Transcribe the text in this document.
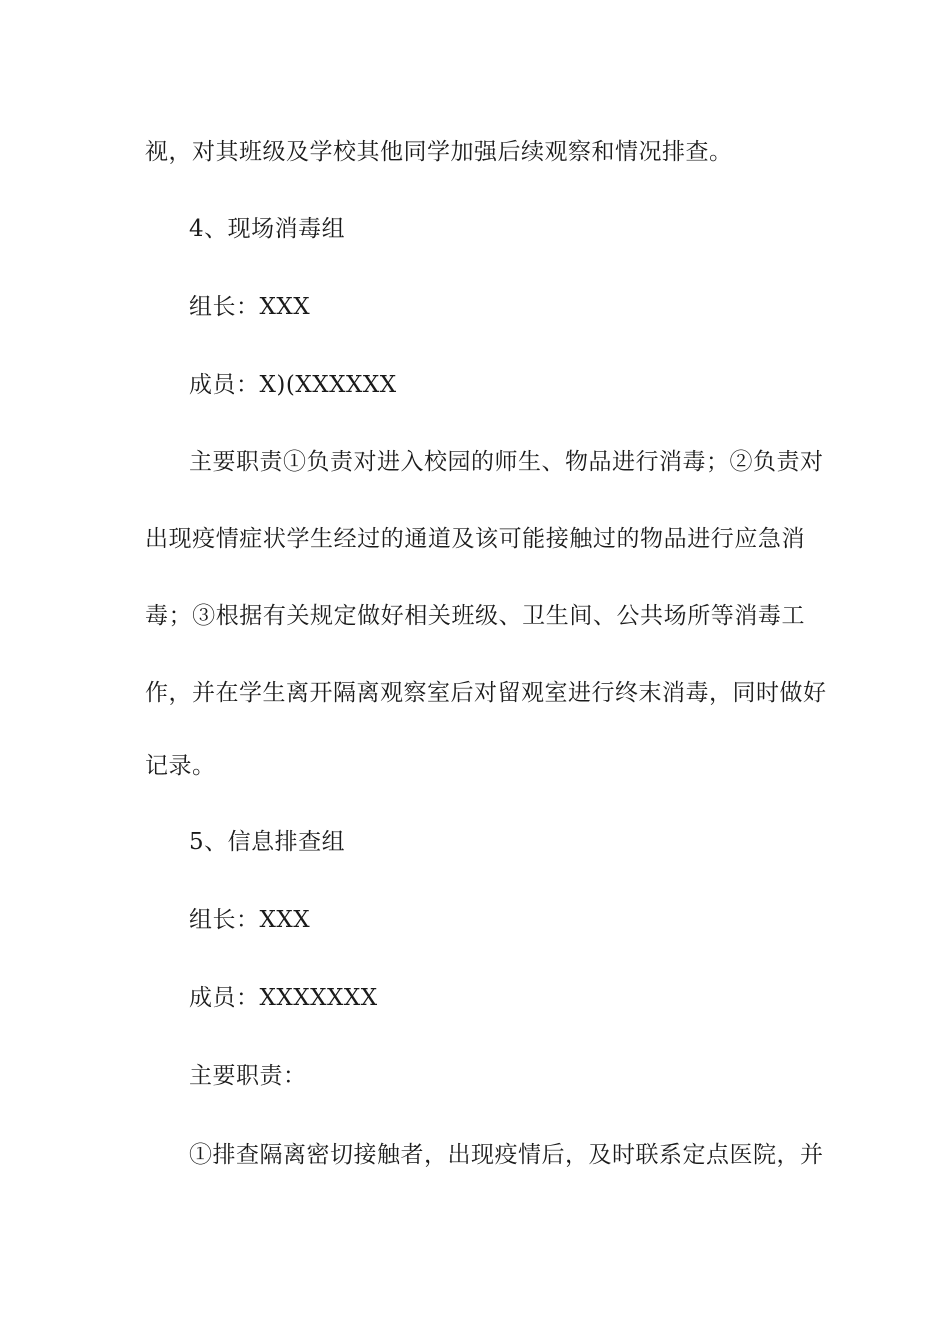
视，对其班级及学校其他同学加强后续观察和情况排查。
4、现场消毒组
组长：XXX
成员：X)(XXXXXX
主要职责①负责对进入校园的师生、物品进行消毒；②负责对
出现疫情症状学生经过的通道及该可能接触过的物品进行应急消
毒；③根据有关规定做好相关班级、卫生间、公共场所等消毒工
作，并在学生离开隔离观察室后对留观室进行终末消毒，同时做好
记录。
5、信息排查组
组长：XXX
成员：XXXXXXX
主要职责：
①排查隔离密切接触者，出现疫情后，及时联系定点医院，并
